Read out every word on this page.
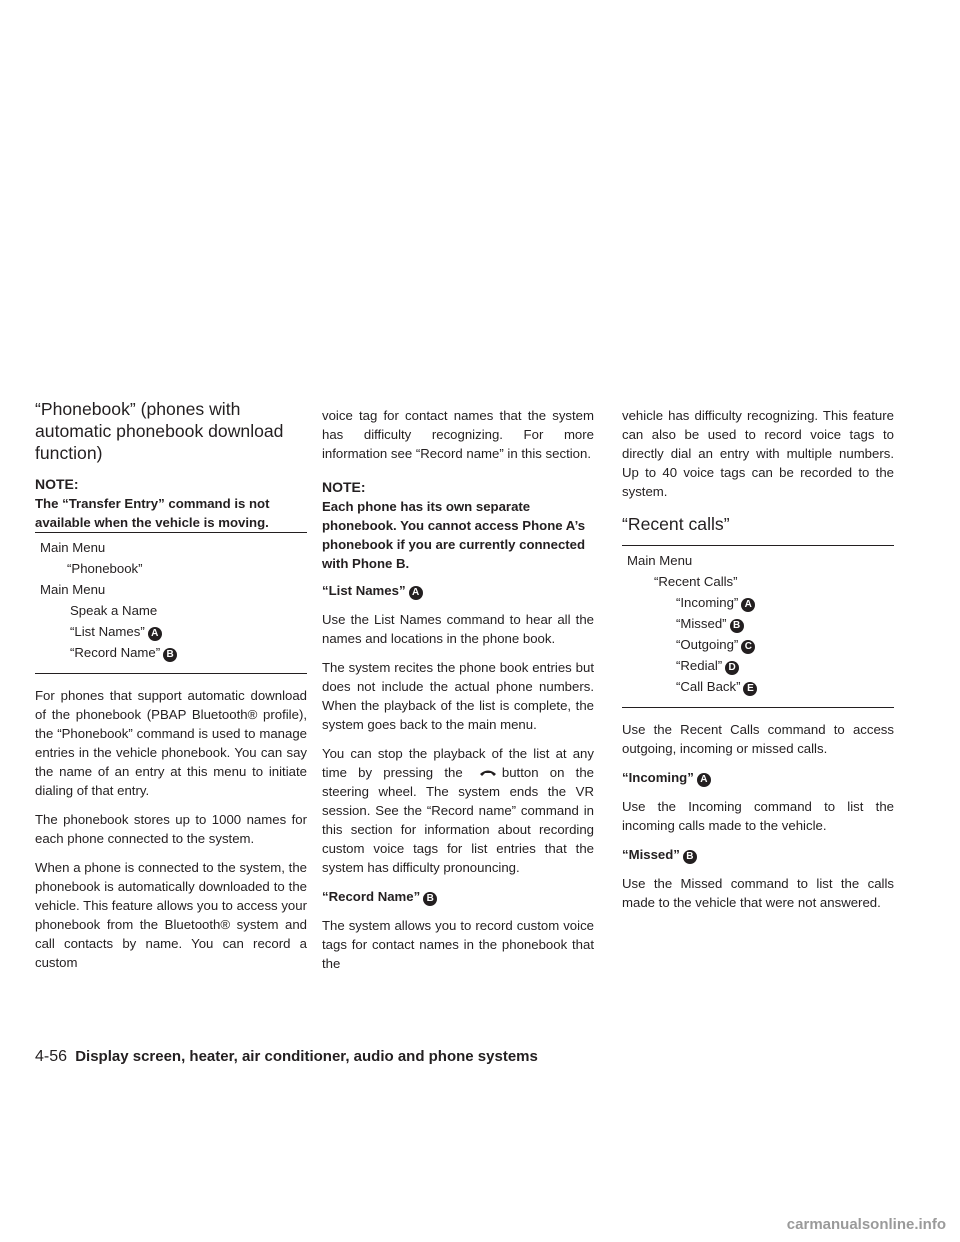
“Phonebook” (phones with automatic phonebook download function)
NOTE:
The “Transfer Entry” command is not available when the vehicle is moving.
Main Menu
“Phonebook”
Main Menu
Speak a Name
“List Names” A
“Record Name” B

For phones that support automatic download of the phonebook (PBAP Bluetooth® profile), the “Phonebook” command is used to manage entries in the vehicle phonebook. You can say the name of an entry at this menu to initiate dialing of that entry.

The phonebook stores up to 1000 names for each phone connected to the system.

When a phone is connected to the system, the phonebook is automatically downloaded to the vehicle. This feature allows you to access your phonebook from the Bluetooth® system and call contacts by name. You can record a custom

voice tag for contact names that the system has difficulty recognizing. For more information see “Record name” in this section.

NOTE:
Each phone has its own separate phonebook. You cannot access Phone A’s phonebook if you are currently connected with Phone B.

“List Names” A

Use the List Names command to hear all the names and locations in the phone book.

The system recites the phone book entries but does not include the actual phone numbers. When the playback of the list is complete, the system goes back to the main menu.

You can stop the playback of the list at any time by pressing the	button on the steering wheel. The system ends the VR session. See the “Record name” command in this section for information about recording custom voice tags for list entries that the system has difficulty pronouncing.

“Record Name” B

The system allows you to record custom voice tags for contact names in the phonebook that the

vehicle has difficulty recognizing. This feature can also be used to record voice tags to directly dial an entry with multiple numbers. Up to 40 voice tags can be recorded to the system.

“Recent calls”
Main Menu
“Recent Calls”
“Incoming” A
“Missed” B
“Outgoing” C
“Redial” D
“Call Back” E

Use the Recent Calls command to access outgoing, incoming or missed calls.

“Incoming” A

Use the Incoming command to list the incoming calls made to the vehicle.

“Missed” B

Use the Missed command to list the calls made to the vehicle that were not answered.

4-56 Display screen, heater, air conditioner, audio and phone systems
carmanualsonline.info
